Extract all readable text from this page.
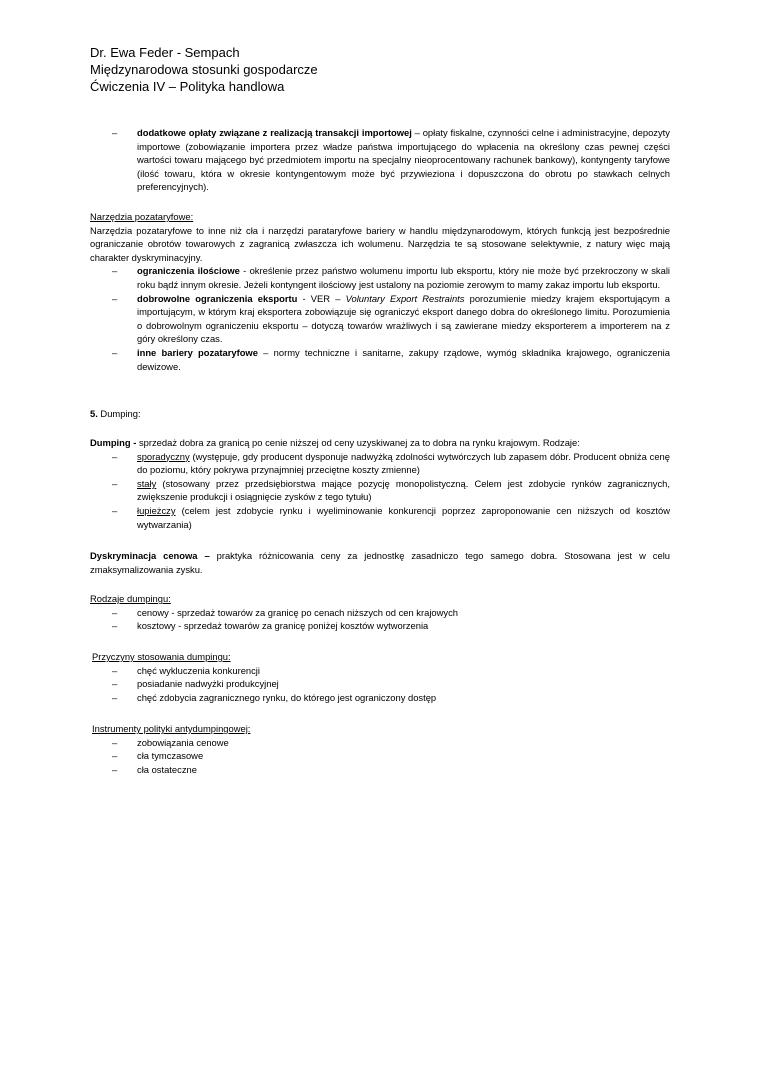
Dr. Ewa Feder - Sempach
Międzynarodowa stosunki gospodarcze
Ćwiczenia IV – Polityka handlowa
– dodatkowe opłaty związane z realizacją transakcji importowej – opłaty fiskalne, czynności celne i administracyjne, depozyty importowe (zobowiązanie importera przez władze państwa importującego do wpłacenia na określony czas pewnej części wartości towaru mającego być przedmiotem importu na specjalny nieoprocentowany rachunek bankowy), kontyngenty taryfowe (ilość towaru, która w okresie kontyngentowym może być przywieziona i dopuszczona do obrotu po stawkach celnych preferencyjnych).
Narzędzia pozataryfowe:
Narzędzia pozataryfowe to inne niż cła i narzędzi parataryfowe bariery w handlu międzynarodowym, których funkcją jest bezpośrednie ograniczanie obrotów towarowych z zagranicą zwłaszcza ich wolumenu. Narzędzia te są stosowane selektywnie, z natury więc mają charakter dyskryminacyjny.
– ograniczenia ilościowe - określenie przez państwo wolumenu importu lub eksportu, który nie może być przekroczony w skali roku bądź innym okresie. Jeżeli kontyngent ilościowy jest ustalony na poziomie zerowym to mamy zakaz importu lub eksportu.
– dobrowolne ograniczenia eksportu - VER – Voluntary Export Restraints porozumienie miedzy krajem eksportującym a importującym, w którym kraj eksportera zobowiązuje się ograniczyć eksport danego dobra do określonego limitu. Porozumienia o dobrowolnym ograniczeniu eksportu – dotyczą towarów wrażliwych i są zawierane miedzy eksporterem a importerem na z góry określony czas.
– inne bariery pozataryfowe – normy techniczne i sanitarne, zakupy rządowe, wymóg składnika krajowego, ograniczenia dewizowe.
5. Dumping:
Dumping - sprzedaż dobra za granicą po cenie niższej od ceny uzyskiwanej za to dobra na rynku krajowym. Rodzaje:
– sporadyczny (występuje, gdy producent dysponuje nadwyżką zdolności wytwórczych lub zapasem dóbr. Producent obniża cenę do poziomu, który pokrywa przynajmniej przeciętne koszty zmienne)
– stały (stosowany przez przedsiębiorstwa mające pozycję monopolistyczną. Celem jest zdobycie rynków zagranicznych, zwiększenie produkcji i osiągnięcie zysków z tego tytułu)
– łupieżczy (celem jest zdobycie rynku i wyeliminowanie konkurencji poprzez zaproponowanie cen niższych od kosztów wytwarzania)
Dyskryminacja cenowa – praktyka różnicowania ceny za jednostkę zasadniczo tego samego dobra. Stosowana jest w celu zmaksymalizowania zysku.
Rodzaje dumpingu:
– cenowy - sprzedaż towarów za granicę po cenach niższych od cen krajowych
– kosztowy - sprzedaż towarów za granicę poniżej kosztów wytworzenia
Przyczyny stosowania dumpingu:
– chęć wykluczenia konkurencji
– posiadanie nadwyżki produkcyjnej
– chęć zdobycia zagranicznego rynku, do którego jest ograniczony dostęp
Instrumenty polityki antydumpingowej:
– zobowiązania cenowe
– cła tymczasowe
– cła ostateczne
